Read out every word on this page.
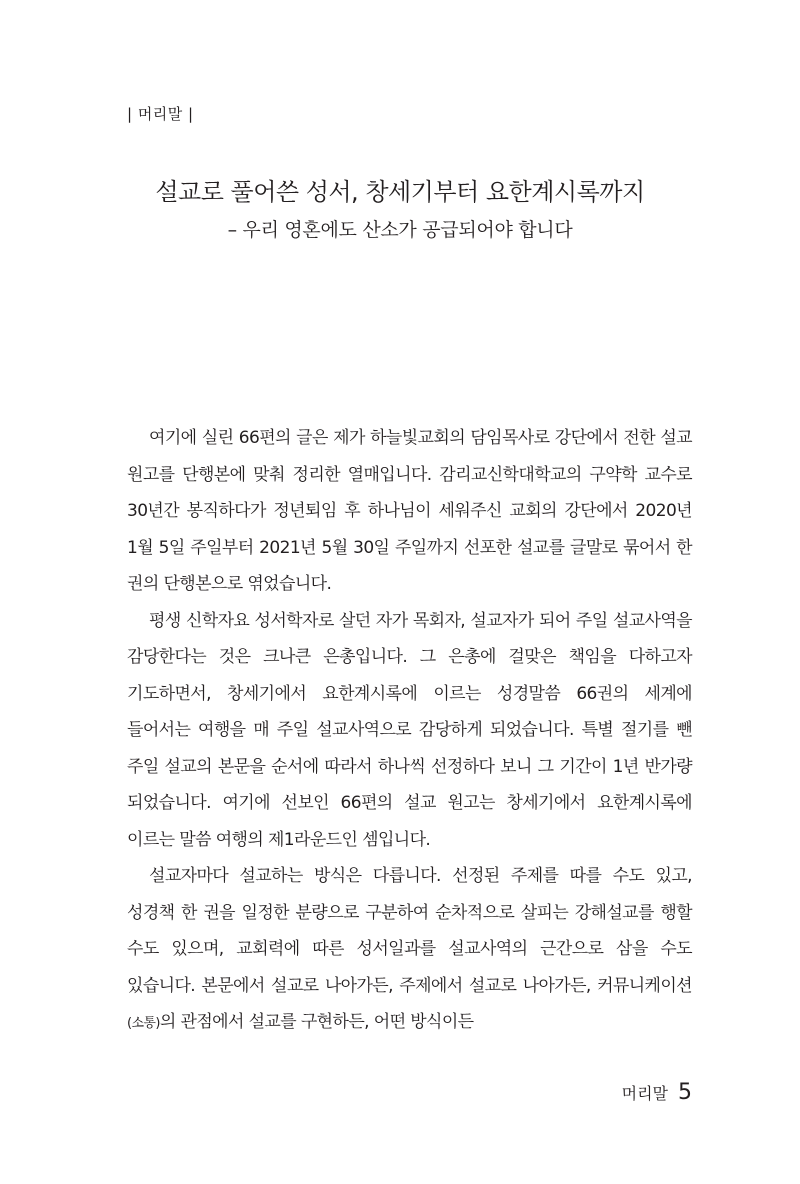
| 머리말 |
설교로 풀어쓴 성서, 창세기부터 요한계시록까지
– 우리 영혼에도 산소가 공급되어야 합니다

여기에 실린 66편의 글은 제가 하늘빛교회의 담임목사로 강단에서 전한 설교 원고를 단행본에 맞춰 정리한 열매입니다. 감리교신학대학교의 구약학 교수로 30년간 봉직하다가 정년퇴임 후 하나님이 세워주신 교회의 강단에서 2020년 1월 5일 주일부터 2021년 5월 30일 주일까지 선포한 설교를 글말로 묶어서 한 권의 단행본으로 엮었습니다.

평생 신학자요 성서학자로 살던 자가 목회자, 설교자가 되어 주일 설교사역을 감당한다는 것은 크나큰 은총입니다. 그 은총에 걸맞은 책임을 다하고자 기도하면서, 창세기에서 요한계시록에 이르는 성경말씀 66권의 세계에 들어서는 여행을 매 주일 설교사역으로 감당하게 되었습니다. 특별 절기를 뺀 주일 설교의 본문을 순서에 따라서 하나씩 선정하다 보니 그 기간이 1년 반가량 되었습니다. 여기에 선보인 66편의 설교 원고는 창세기에서 요한계시록에 이르는 말씀 여행의 제1라운드인 셈입니다.

설교자마다 설교하는 방식은 다릅니다. 선정된 주제를 따를 수도 있고, 성경책 한 권을 일정한 분량으로 구분하여 순차적으로 살피는 강해설교를 행할 수도 있으며, 교회력에 따른 성서일과를 설교사역의 근간으로 삼을 수도 있습니다. 본문에서 설교로 나아가든, 주제에서 설교로 나아가든, 커뮤니케이션(소통)의 관점에서 설교를 구현하든, 어떤 방식이든

머리말 5
